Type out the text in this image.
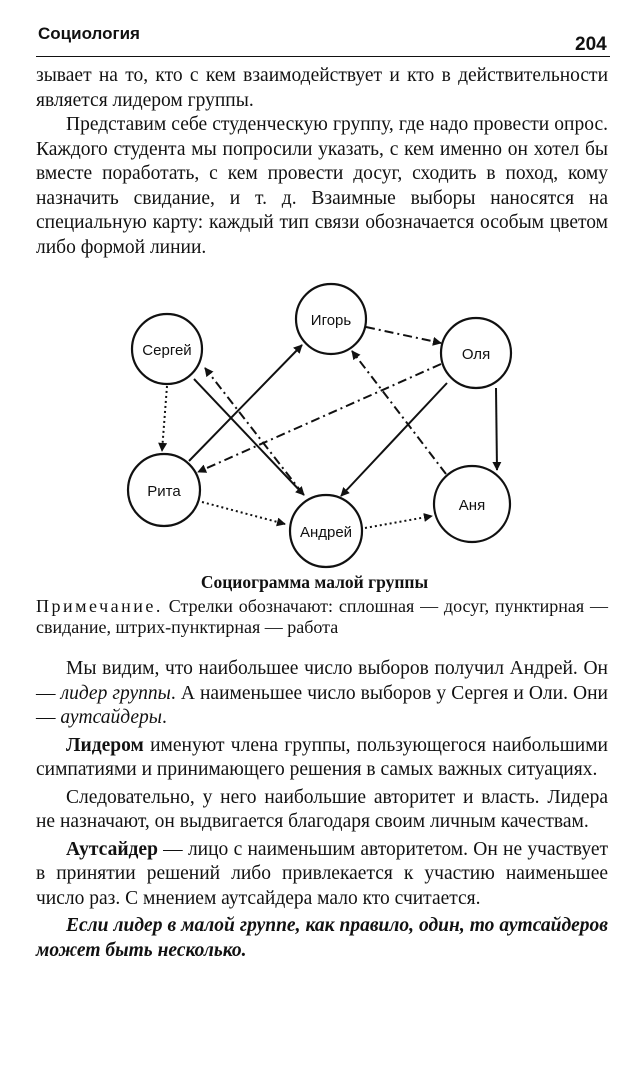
Социология
204

зывает на то, кто с кем взаимодействует и кто в действительности является лидером группы.

Представим себе студенческую группу, где надо провести опрос. Каждого студента мы попросили указать, с кем именно он хотел бы вместе поработать, с кем провести досуг, сходить в поход, кому назначить свидание, и т. д. Взаимные выборы наносятся на специальную карту: каждый тип связи обозначается особым цветом либо формой линии.

Сергей
Игорь
Оля
Рита
Андрей
Аня
Социограмма малой группы
Примечание. Стрелки обозначают: сплошная — досуг, пунктирная — свидание, штрих-пунктирная — работа

Мы видим, что наибольшее число выборов получил Андрей. Он — лидер группы. А наименьшее число выборов у Сергея и Оли. Они — аутсайдеры.

Лидером именуют члена группы, пользующегося наибольшими симпатиями и принимающего решения в самых важных ситуациях.

Следовательно, у него наибольшие авторитет и власть. Лидера не назначают, он выдвигается благодаря своим личным качествам.

Аутсайдер — лицо с наименьшим авторитетом. Он не участвует в принятии решений либо привлекается к участию наименьшее число раз. С мнением аутсайдера мало кто считается.

Если лидер в малой группе, как правило, один, то аутсайдеров может быть несколько.
